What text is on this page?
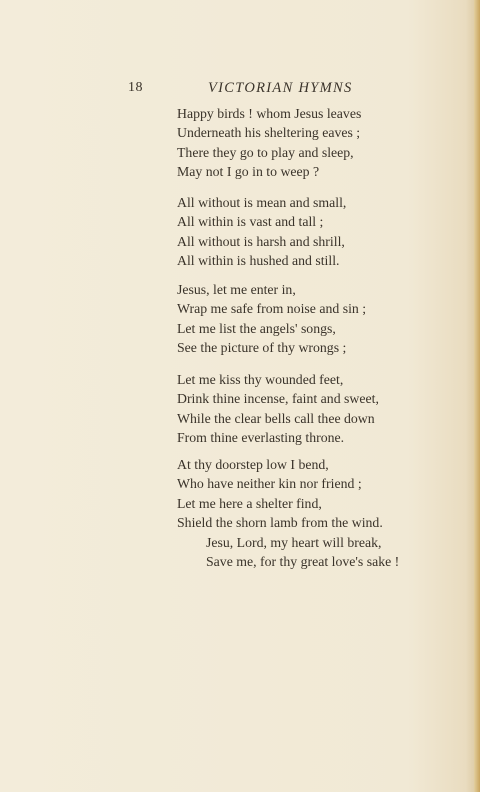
18	VICTORIAN HYMNS
Happy birds ! whom Jesus leaves
Underneath his sheltering eaves ;
There they go to play and sleep,
May not I go in to weep ?
All without is mean and small,
All within is vast and tall ;
All without is harsh and shrill,
All within is hushed and still.
Jesus, let me enter in,
Wrap me safe from noise and sin ;
Let me list the angels' songs,
See the picture of thy wrongs ;
Let me kiss thy wounded feet,
Drink thine incense, faint and sweet,
While the clear bells call thee down
From thine everlasting throne.
At thy doorstep low I bend,
Who have neither kin nor friend ;
Let me here a shelter find,
Shield the shorn lamb from the wind.
Jesu, Lord, my heart will break,
Save me, for thy great love's sake !
